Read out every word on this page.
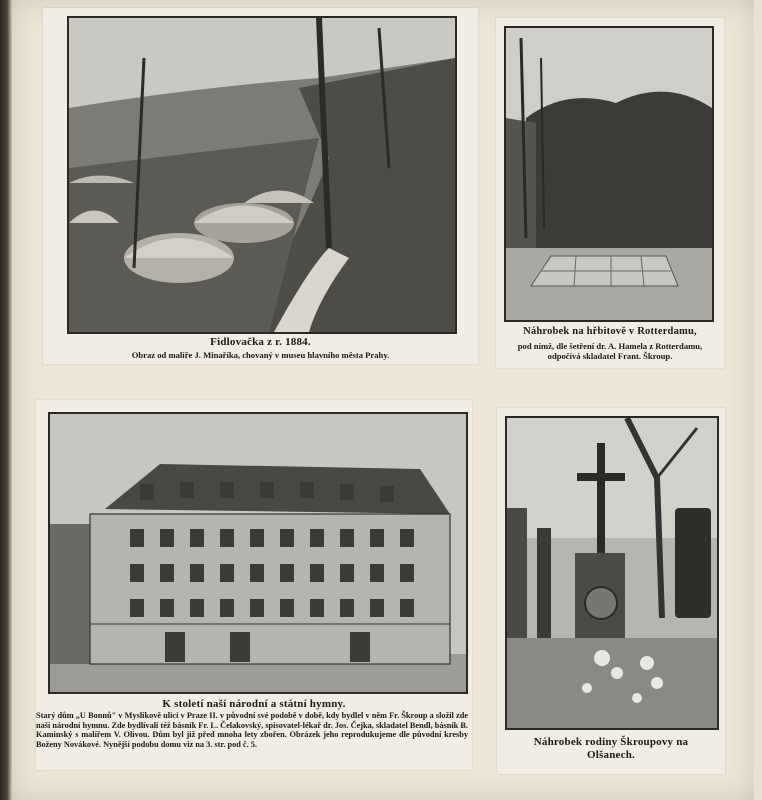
Fidlovačka z r. 1884.
Obraz od malíře J. Minaříka, chovaný v museu hlavního města Prahy.
Náhrobek na hřbitově v Rotterdamu,
pod nímž, dle šetření dr. A. Hamela z Rotterdamu, odpočívá skladatel Frant. Škroup.
K století naší národní a státní hymny.
Starý dům „U Bonnů" v Myslíkově ulici v Praze II. v původní své podobě v době, kdy bydlel v něm Fr. Škroup a složil zde naši národní hymnu. Zde bydlívali též básník Fr. L. Čelakovský, spisovatel-lékař dr. Jos. Čejka, skladatel Bendl, básník B. Kaminský s malířem V. Olivou. Dům byl již před mnoha lety zbořen. Obrázek jeho reprodukujeme dle původní kresby Boženy Novákové. Nynější podobu domu viz na 3. str. pod č. 5.	Náhrobek rodiny Škroupovy na Olšanech.
